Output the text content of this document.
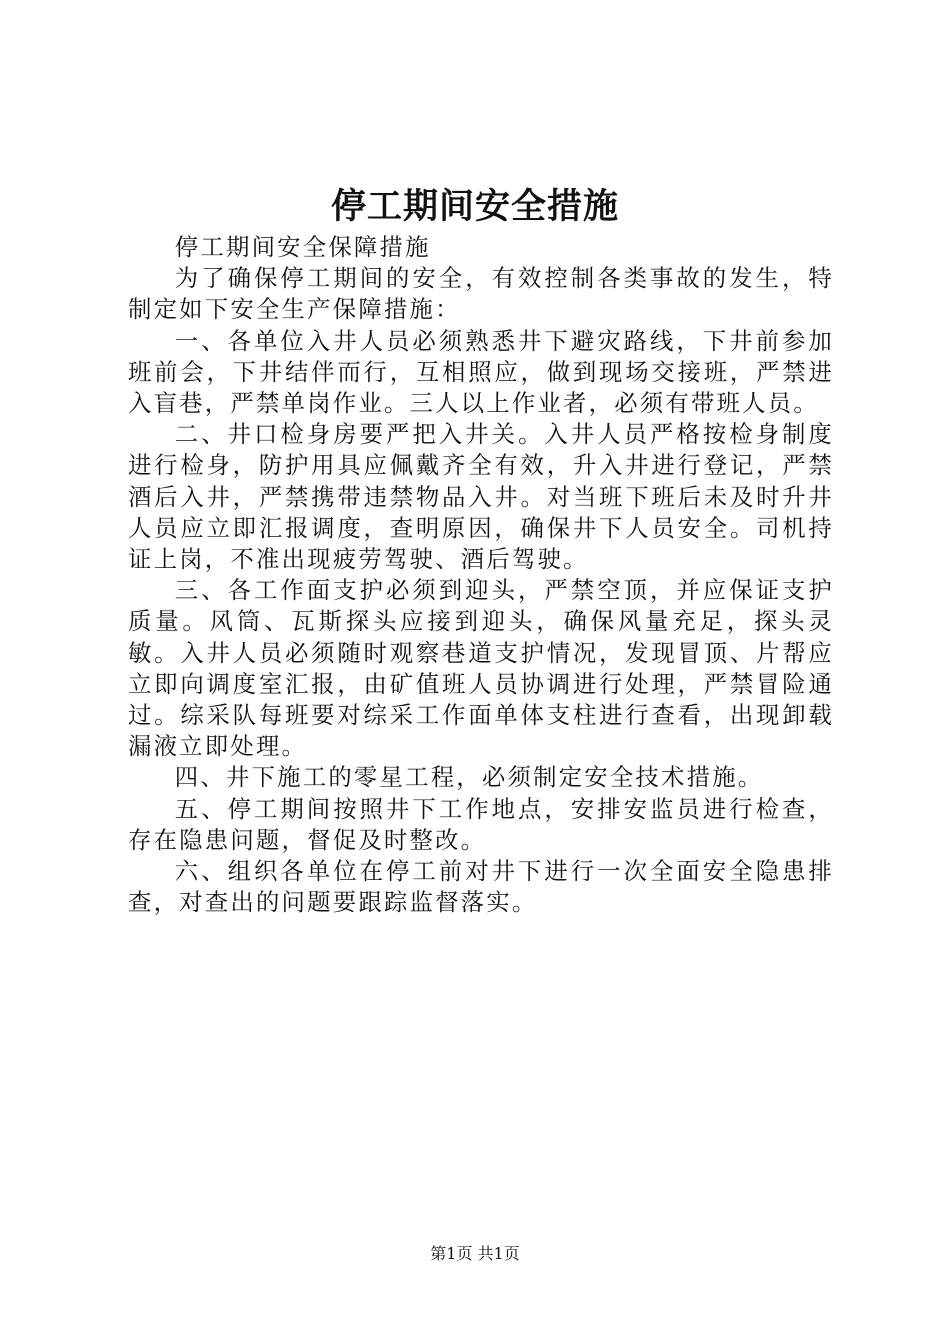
停工期间安全措施

停工期间安全保障措施

为了确保停工期间的安全，有效控制各类事故的发生，特制定如下安全生产保障措施：

一、各单位入井人员必须熟悉井下避灾路线，下井前参加班前会，下井结伴而行，互相照应，做到现场交接班，严禁进入盲巷，严禁单岗作业。三人以上作业者，必须有带班人员。

二、井口检身房要严把入井关。入井人员严格按检身制度进行检身，防护用具应佩戴齐全有效，升入井进行登记，严禁酒后入井，严禁携带违禁物品入井。对当班下班后未及时升井人员应立即汇报调度，查明原因，确保井下人员安全。司机持证上岗，不准出现疲劳驾驶、酒后驾驶。

三、各工作面支护必须到迎头，严禁空顶，并应保证支护质量。风筒、瓦斯探头应接到迎头，确保风量充足，探头灵敏。入井人员必须随时观察巷道支护情况，发现冒顶、片帮应立即向调度室汇报，由矿值班人员协调进行处理，严禁冒险通过。综采队每班要对综采工作面单体支柱进行查看，出现卸载漏液立即处理。

四、井下施工的零星工程，必须制定安全技术措施。

五、停工期间按照井下工作地点，安排安监员进行检查，存在隐患问题，督促及时整改。

六、组织各单位在停工前对井下进行一次全面安全隐患排查，对查出的问题要跟踪监督落实。

第1页 共1页
